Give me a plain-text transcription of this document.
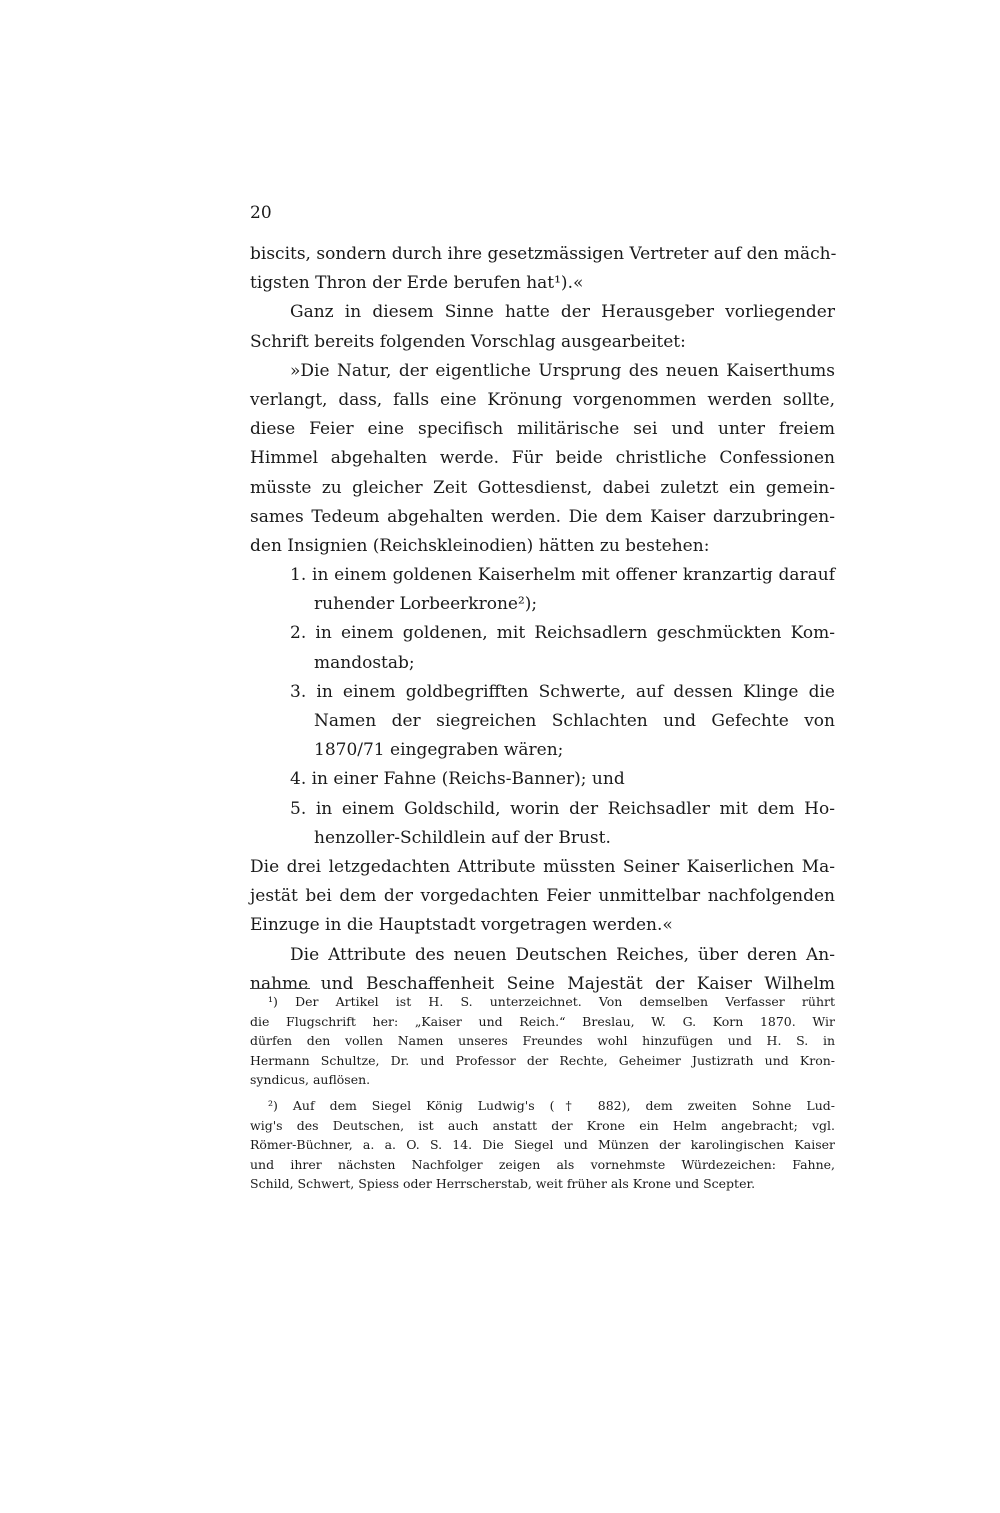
20
biscits, sondern durch ihre gesetzmässigen Vertreter auf den mäch-
tigsten Thron der Erde berufen hat¹).«
Ganz in diesem Sinne hatte der Herausgeber vorliegender
Schrift bereits folgenden Vorschlag ausgearbeitet:
»Die Natur, der eigentliche Ursprung des neuen Kaiserthums
verlangt, dass, falls eine Krönung vorgenommen werden sollte,
diese Feier eine specifisch militärische sei und unter freiem
Himmel abgehalten werde. Für beide christliche Confessionen
müsste zu gleicher Zeit Gottesdienst, dabei zuletzt ein gemein-
sames Tedeum abgehalten werden. Die dem Kaiser darzubringen-
den Insignien (Reichskleinodien) hätten zu bestehen:
1. in einem goldenen Kaiserhelm mit offener kranzartig darauf
ruhender Lorbeerkrone²);
2. in einem goldenen, mit Reichsadlern geschmückten Kom-
mandostab;
3. in einem goldbegrifften Schwerte, auf dessen Klinge die
Namen der siegreichen Schlachten und Gefechte von
1870/71 eingegraben wären;
4. in einer Fahne (Reichs-Banner); und
5. in einem Goldschild, worin der Reichsadler mit dem Ho-
henzoller-Schildlein auf der Brust.
Die drei letzgedachten Attribute müssten Seiner Kaiserlichen Ma-
jestät bei dem der vorgedachten Feier unmittelbar nachfolgenden
Einzuge in die Hauptstadt vorgetragen werden.«
Die Attribute des neuen Deutschen Reiches, über deren An-
nahme und Beschaffenheit Seine Majestät der Kaiser Wilhelm
¹) Der Artikel ist H. S. unterzeichnet. Von demselben Verfasser rührt
die Flugschrift her: „Kaiser und Reich.“ Breslau, W. G. Korn 1870. Wir
dürfen den vollen Namen unseres Freundes wohl hinzufügen und H. S. in
Hermann Schultze, Dr. und Professor der Rechte, Geheimer Justizrath und Kron-
syndicus, auflösen.
²) Auf dem Siegel König Ludwig's († 882), dem zweiten Sohne Lud-
wig's des Deutschen, ist auch anstatt der Krone ein Helm angebracht; vgl.
Römer-Büchner, a. a. O. S. 14. Die Siegel und Münzen der karolingischen Kaiser
und ihrer nächsten Nachfolger zeigen als vornehmste Würdezeichen: Fahne,
Schild, Schwert, Spiess oder Herrscherstab, weit früher als Krone und Scepter.
